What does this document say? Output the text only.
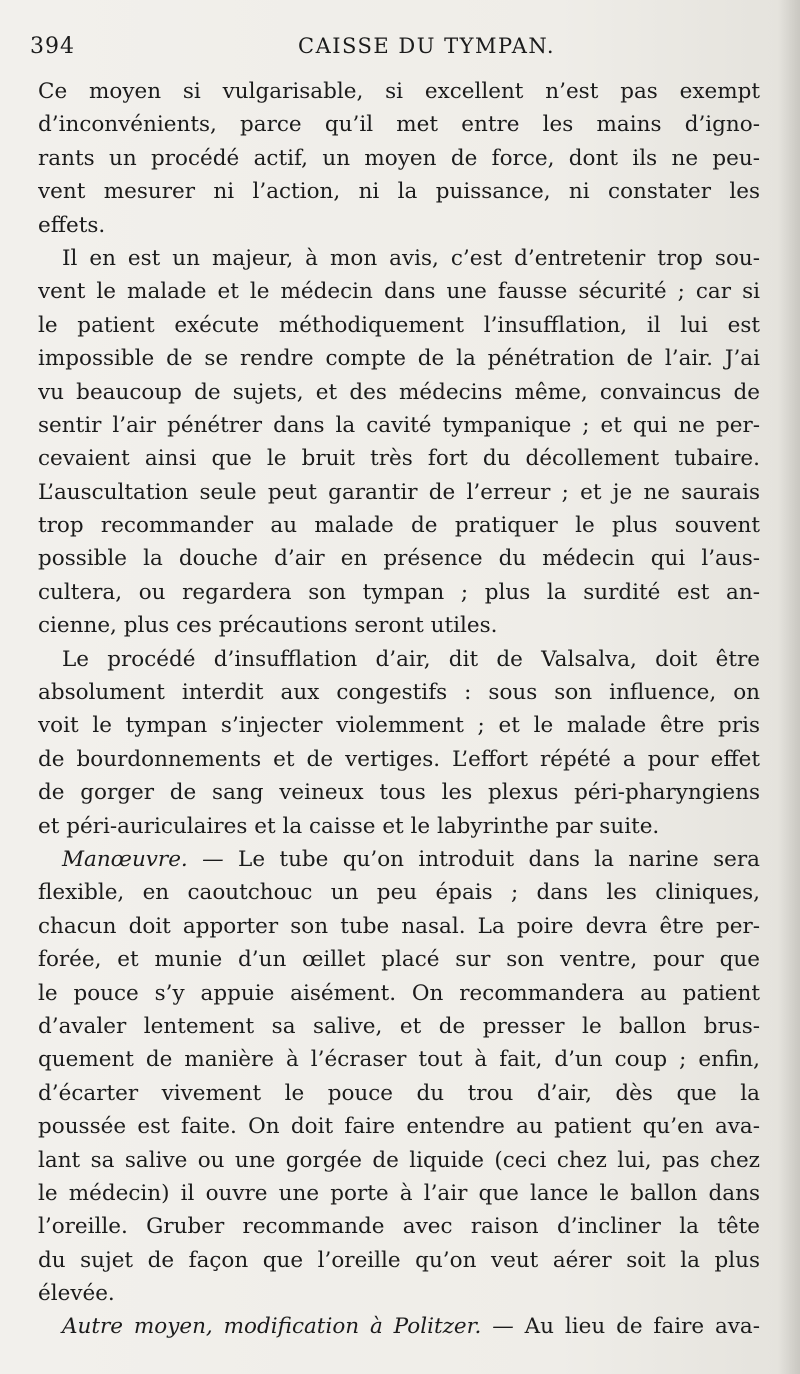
394	CAISSE DU TYMPAN.
Ce moyen si vulgarisable, si excellent n’est pas exempt
d’inconvénients, parce qu’il met entre les mains d’igno-
rants un procédé actif, un moyen de force, dont ils ne peu-
vent mesurer ni l’action, ni la puissance, ni constater les
effets.
Il en est un majeur, à mon avis, c’est d’entretenir trop sou-
vent le malade et le médecin dans une fausse sécurité ; car si
le patient exécute méthodiquement l’insufflation, il lui est
impossible de se rendre compte de la pénétration de l’air. J’ai
vu beaucoup de sujets, et des médecins même, convaincus de
sentir l’air pénétrer dans la cavité tympanique ; et qui ne per-
cevaient ainsi que le bruit très fort du décollement tubaire.
L’auscultation seule peut garantir de l’erreur ; et je ne saurais
trop recommander au malade de pratiquer le plus souvent
possible la douche d’air en présence du médecin qui l’aus-
cultera, ou regardera son tympan ; plus la surdité est an-
cienne, plus ces précautions seront utiles.
Le procédé d’insufflation d’air, dit de Valsalva, doit être
absolument interdit aux congestifs : sous son influence, on
voit le tympan s’injecter violemment ; et le malade être pris
de bourdonnements et de vertiges. L’effort répété a pour effet
de gorger de sang veineux tous les plexus péri-pharyngiens
et péri-auriculaires et la caisse et le labyrinthe par suite.
Manœuvre. — Le tube qu’on introduit dans la narine sera
flexible, en caoutchouc un peu épais ; dans les cliniques,
chacun doit apporter son tube nasal. La poire devra être per-
forée, et munie d’un œillet placé sur son ventre, pour que
le pouce s’y appuie aisément. On recommandera au patient
d’avaler lentement sa salive, et de presser le ballon brus-
quement de manière à l’écraser tout à fait, d’un coup ; enfin,
d’écarter vivement le pouce du trou d’air, dès que la
poussée est faite. On doit faire entendre au patient qu’en ava-
lant sa salive ou une gorgée de liquide (ceci chez lui, pas chez
le médecin) il ouvre une porte à l’air que lance le ballon dans
l’oreille. Gruber recommande avec raison d’incliner la tête
du sujet de façon que l’oreille qu’on veut aérer soit la plus
élevée.
Autre moyen, modification à Politzer. — Au lieu de faire ava-
